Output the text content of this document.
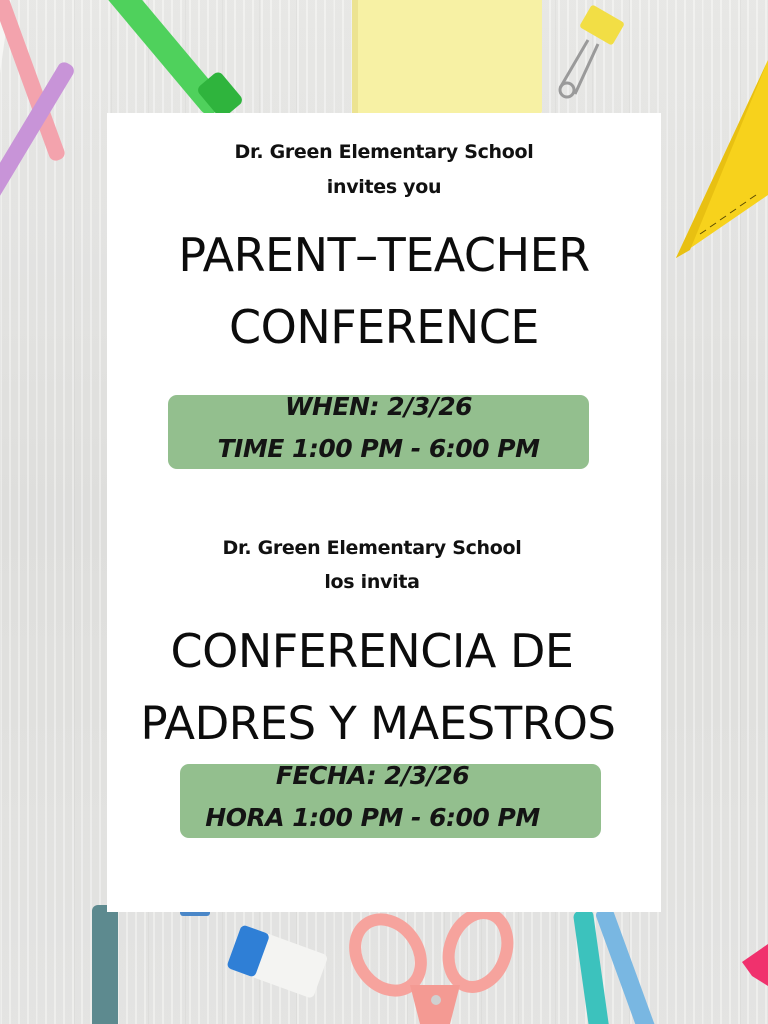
Dr. Green Elementary School
invites you
PARENT–TEACHER
CONFERENCE
WHEN: 2/3/26
TIME 1:00 PM - 6:00 PM
Dr. Green Elementary School
los invita
CONFERENCIA DE
PADRES Y MAESTROS
FECHA: 2/3/26
HORA 1:00 PM - 6:00 PM
